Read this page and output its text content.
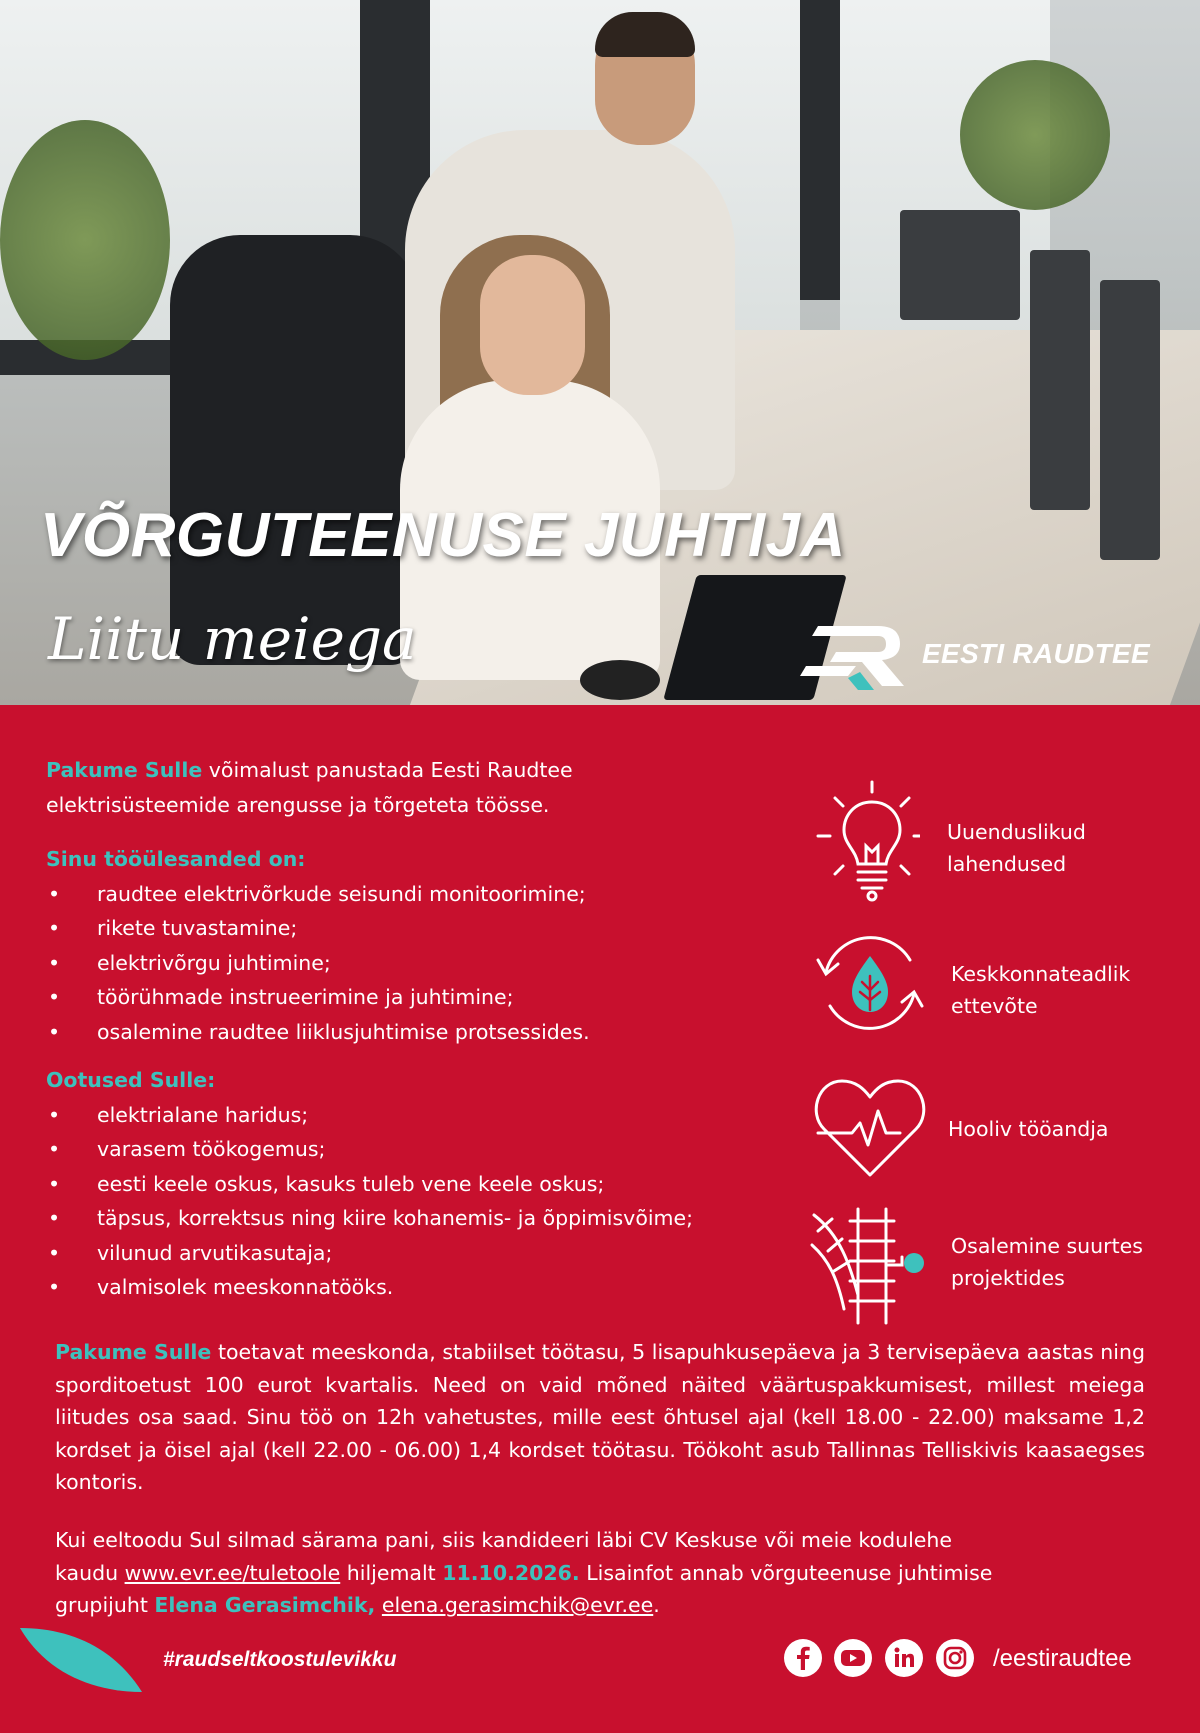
VÕRGUTEENUSE JUHTIJA
Liitu meiega	EESTI RAUDTEE
Pakume Sulle võimalust panustada Eesti Raudtee
elektrisüsteemide arengusse ja tõrgeteta töösse.
Sinu tööülesanded on:
• raudtee elektrivõrkude seisundi monitoorimine;
• rikete tuvastamine;
• elektrivõrgu juhtimine;
• töörühmade instrueerimine ja juhtimine;
• osalemine raudtee liiklusjuhtimise protsessides.
Ootused Sulle:
• elektrialane haridus;
• varasem töökogemus;
• eesti keele oskus, kasuks tuleb vene keele oskus;
• täpsus, korrektsus ning kiire kohanemis- ja õppimisvõime;
• vilunud arvutikasutaja;
• valmisolek meeskonnatööks.
Uuenduslikud
lahendused
Keskkonnateadlik
ettevõte
Hooliv tööandja
Osalemine suurtes
projektides
Pakume Sulle toetavat meeskonda, stabiilset töötasu, 5 lisapuhkusepäeva ja 3 tervisepäeva aastas ning sporditoetust 100 eurot kvartalis. Need on vaid mõned näited väärtuspakkumisest, millest meiega liitudes osa saad. Sinu töö on 12h vahetustes, mille eest õhtusel ajal (kell 18.00 - 22.00) maksame 1,2 kordset ja öisel ajal (kell 22.00 - 06.00) 1,4 kordset töötasu. Töökoht asub Tallinnas Telliskivis kaasaegses kontoris.
Kui eeltoodu Sul silmad särama pani, siis kandideeri läbi CV Keskuse või meie kodulehe
kaudu www.evr.ee/tuletoole hiljemalt 11.10.2026. Lisainfot annab võrguteenuse juhtimise
grupijuht Elena Gerasimchik, elena.gerasimchik@evr.ee.
#raudseltkoostulevikku	/eestiraudtee
